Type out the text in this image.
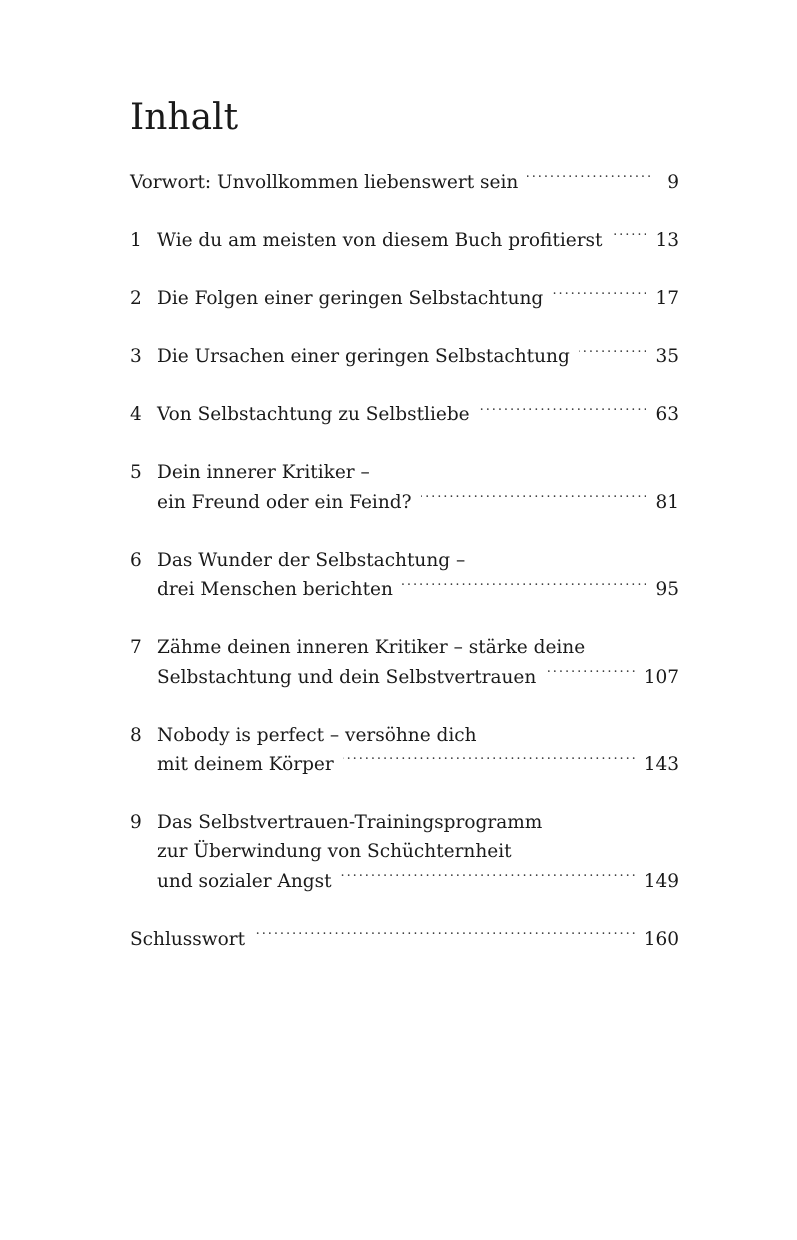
Inhalt
Vorwort: Unvollkommen liebenswert sein . . .	9
1 Wie du am meisten von diesem Buch profitierst . . .	13
2 Die Folgen einer geringen Selbstachtung . . .	17
3 Die Ursachen einer geringen Selbstachtung . . .	35
4 Von Selbstachtung zu Selbstliebe . . .	63
5 Dein innerer Kritiker –
ein Freund oder ein Feind? . . .	81
6 Das Wunder der Selbstachtung –
drei Menschen berichten . . .	95
7 Zähme deinen inneren Kritiker – stärke deine
Selbstachtung und dein Selbstvertrauen . . .	107
8 Nobody is perfect – versöhne dich
mit deinem Körper . . .	143
9 Das Selbstvertrauen-Trainingsprogramm
zur Überwindung von Schüchternheit
und sozialer Angst . . .	149
Schlusswort . . .	160
